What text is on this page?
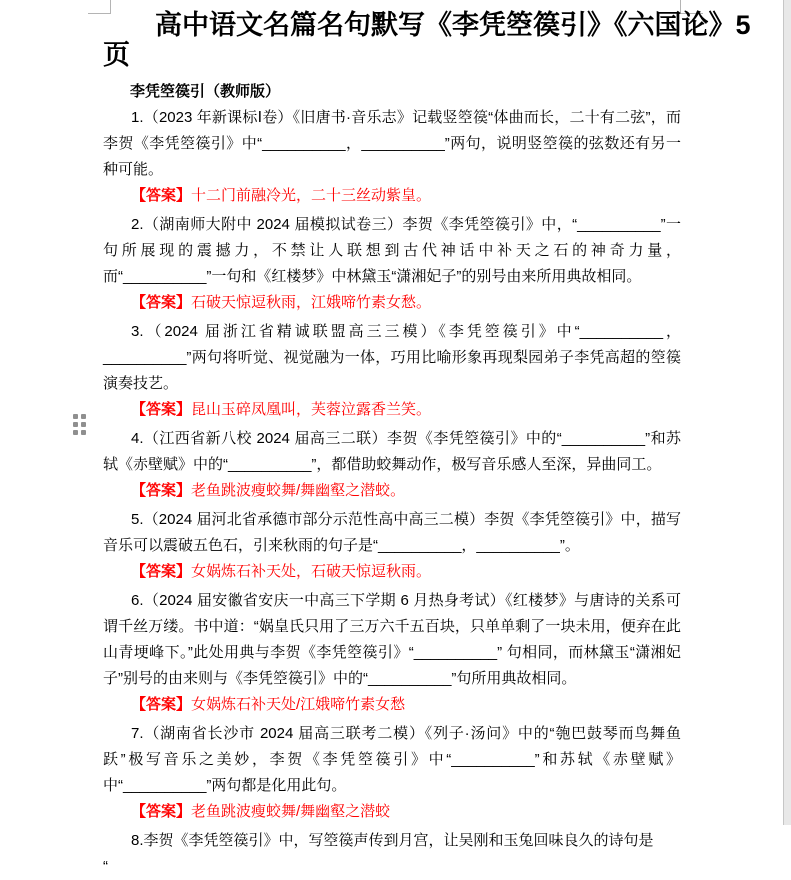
高中语文名篇名句默写《李凭箜篌引》《六国论》5 页
李凭箜篌引（教师版）

1.（2023 年新课标Ⅰ卷）《旧唐书·音乐志》记载竖箜篌“体曲而长，二十有二弦”，而李贺《李凭箜篌引》中“__________，__________”两句，说明竖箜篌的弦数还有另一种可能。

【答案】十二门前融冷光，二十三丝动紫皇。

2.（湖南师大附中 2024 届模拟试卷三）李贺《李凭箜篌引》中，“__________”一句所展现的震撼力，不禁让人联想到古代神话中补天之石的神奇力量，而“__________”一句和《红楼梦》中林黛玉“潇湘妃子”的别号由来所用典故相同。

【答案】石破天惊逗秋雨，江娥啼竹素女愁。

3.（2024 届浙江省精诚联盟高三三模）《李凭箜篌引》中“__________，__________”两句将听觉、视觉融为一体，巧用比喻形象再现梨园弟子李凭高超的箜篌演奏技艺。

【答案】昆山玉碎凤凰叫，芙蓉泣露香兰笑。

4.（江西省新八校 2024 届高三二联）李贺《李凭箜篌引》中的“__________”和苏轼《赤壁赋》中的“__________”，都借助蛟舞动作，极写音乐感人至深，异曲同工。

【答案】老鱼跳波瘦蛟舞/舞幽壑之潜蛟。

5.（2024 届河北省承德市部分示范性高中高三二模）李贺《李凭箜篌引》中，描写音乐可以震破五色石，引来秋雨的句子是“__________，__________”。

【答案】女娲炼石补天处，石破天惊逗秋雨。

6.（2024 届安徽省安庆一中高三下学期 6 月热身考试）《红楼梦》与唐诗的关系可谓千丝万缕。书中道：“娲皇氏只用了三万六千五百块，只单单剩了一块未用，便弃在此山青埂峰下。”此处用典与李贺《李凭箜篌引》“__________” 句相同，而林黛玉“潇湘妃子”别号的由来则与《李凭箜篌引》中的“__________”句所用典故相同。

【答案】女娲炼石补天处/江娥啼竹素女愁

7.（湖南省长沙市 2024 届高三联考二模）《列子·汤问》中的“匏巴鼓琴而鸟舞鱼跃”极写音乐之美妙，李贺《李凭箜篌引》中“__________”和苏轼《赤壁赋》中“__________”两句都是化用此句。

【答案】老鱼跳波瘦蛟舞/舞幽壑之潜蛟

8.李贺《李凭箜篌引》中，写箜篌声传到月宫，让吴刚和玉兔回味良久的诗句是

“
